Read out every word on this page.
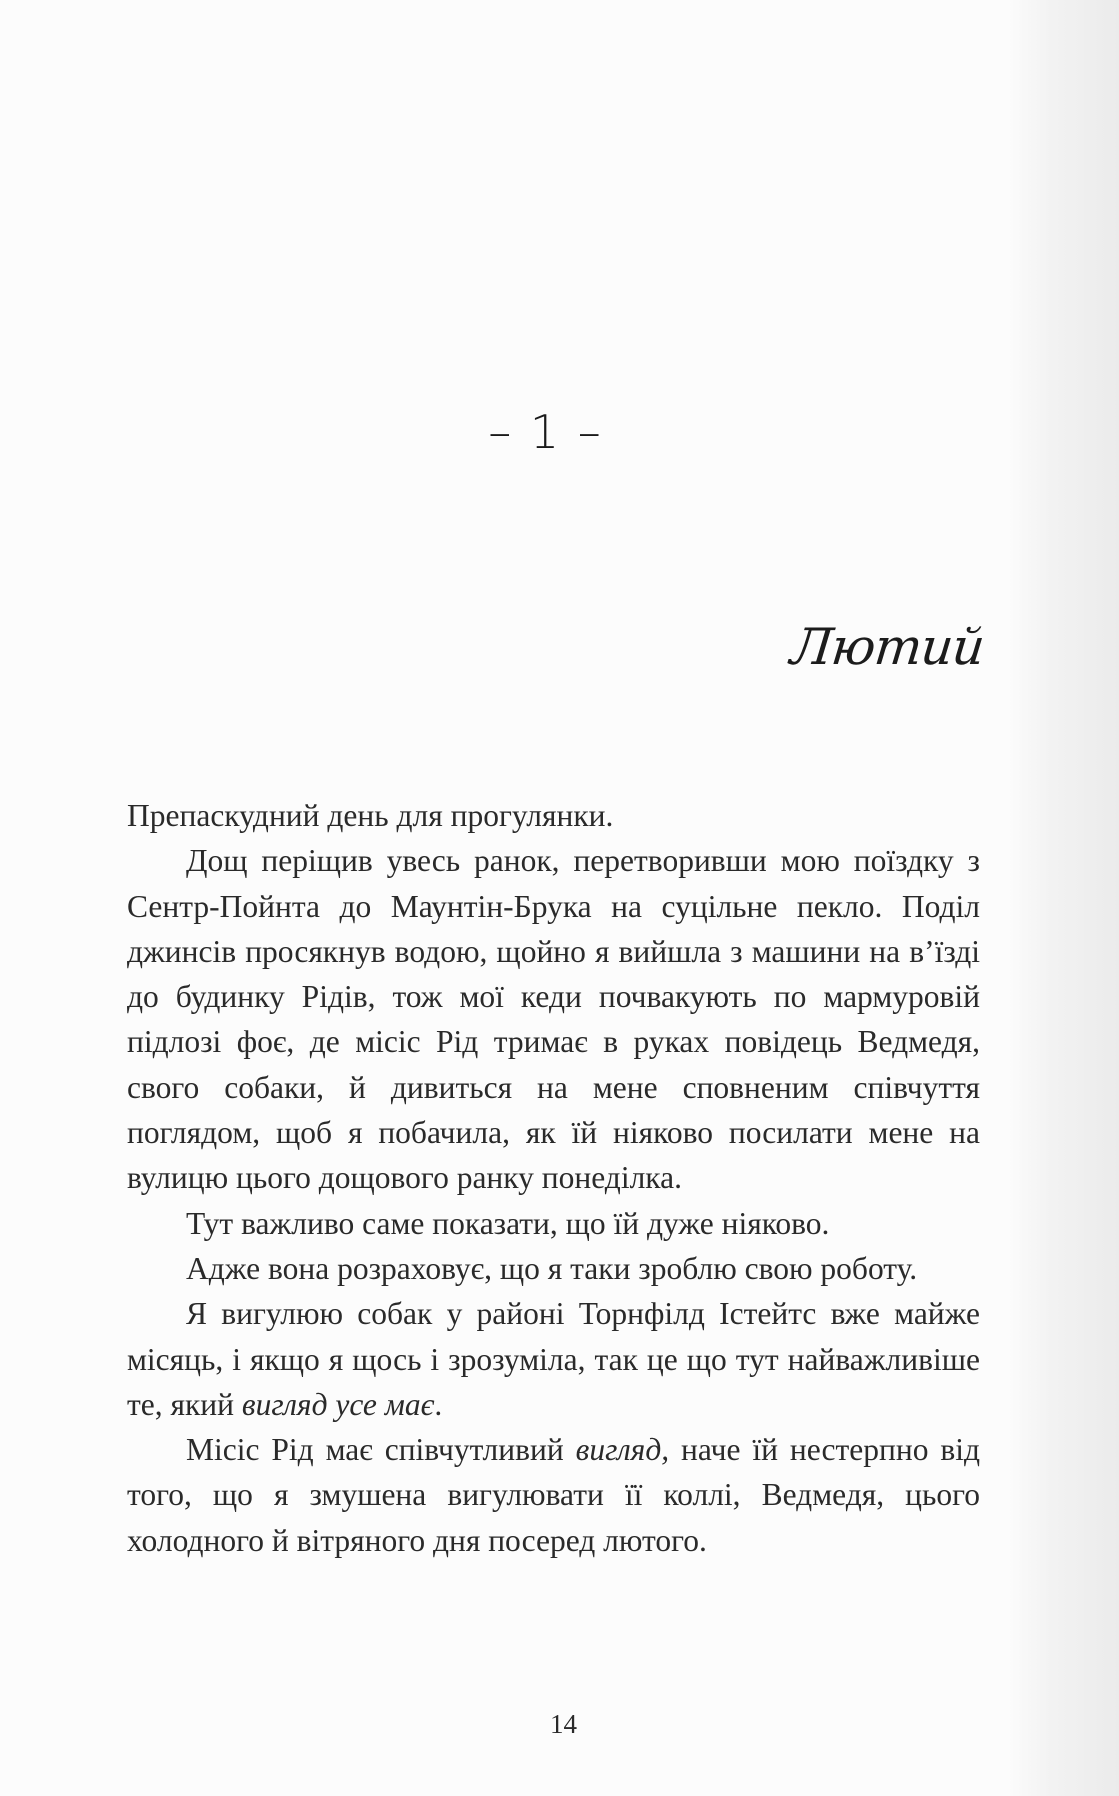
– 1 –
Лютий

Препаскудний день для прогулянки.

Дощ періщив увесь ранок, перетворивши мою поїздку з Сентр-Пойнта до Маунтін-Брука на суцільне пекло. Поділ джинсів просякнув водою, щойно я вийшла з машини на в’їзді до будинку Рідів, тож мої кеди почвакують по мармуровій підлозі фоє, де місіс Рід тримає в руках повідець Ведмедя, свого собаки, й дивиться на мене сповненим співчуття поглядом, щоб я побачила, як їй ніяково посилати мене на вулицю цього дощового ранку понеділка.

Тут важливо саме показати, що їй дуже ніяково.

Адже вона розраховує, що я таки зроблю свою роботу.

Я вигулюю собак у районі Торнфілд Істейтс вже майже місяць, і якщо я щось і зрозуміла, так це що тут найважливіше те, який вигляд усе має.

Місіс Рід має співчутливий вигляд, наче їй нестерпно від того, що я змушена вигулювати її коллі, Ведмедя, цього холодного й вітряного дня посеред лютого.

14
